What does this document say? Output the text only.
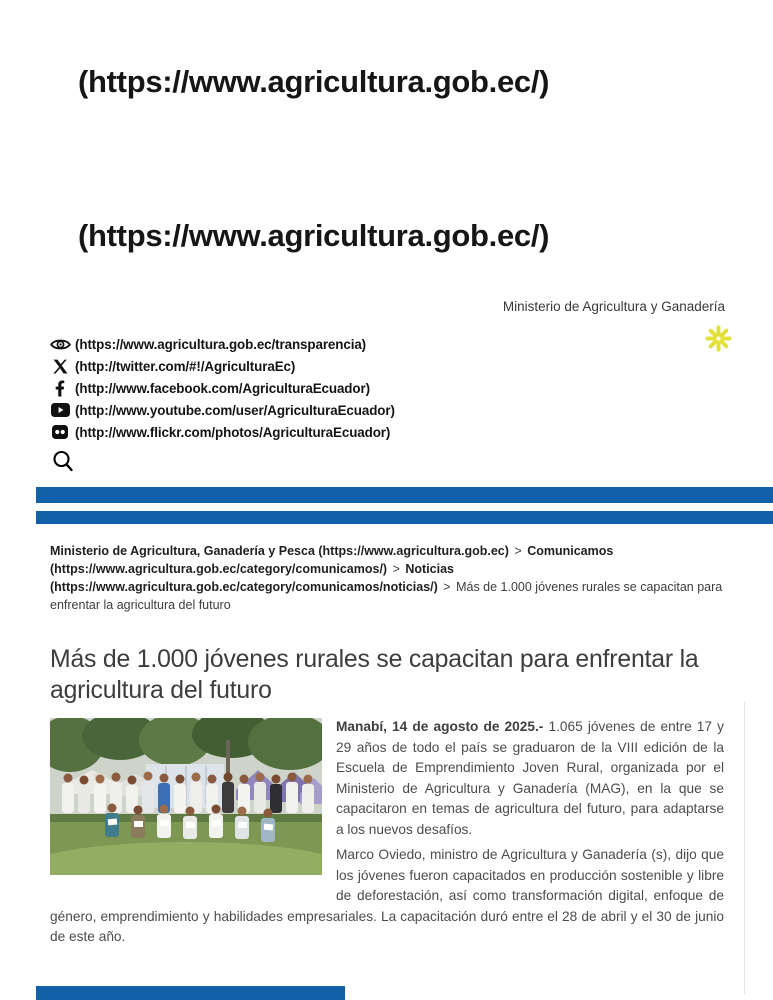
(https://www.agricultura.gob.ec/)
(https://www.agricultura.gob.ec/)
Ministerio de Agricultura y Ganadería
(https://www.agricultura.gob.ec/transparencia)
(http://twitter.com/#!/AgriculturaEc)
(http://www.facebook.com/AgriculturaEcuador)
(http://www.youtube.com/user/AgriculturaEcuador)
(http://www.flickr.com/photos/AgriculturaEcuador)
Ministerio de Agricultura, Ganadería y Pesca (https://www.agricultura.gob.ec) > Comunicamos (https://www.agricultura.gob.ec/category/comunicamos/) > Noticias (https://www.agricultura.gob.ec/category/comunicamos/noticias/) > Más de 1.000 jóvenes rurales se capacitan para enfrentar la agricultura del futuro
Más de 1.000 jóvenes rurales se capacitan para enfrentar la agricultura del futuro

Manabí, 14 de agosto de 2025.- 1.065 jóvenes de entre 17 y 29 años de todo el país se graduaron de la VIII edición de la Escuela de Emprendimiento Joven Rural, organizada por el Ministerio de Agricultura y Ganadería (MAG), en la que se capacitaron en temas de agricultura del futuro, para adaptarse a los nuevos desafíos.

Marco Oviedo, ministro de Agricultura y Ganadería (s), dijo que los jóvenes fueron capacitados en producción sostenible y libre de deforestación, así como transformación digital, enfoque de género, emprendimiento y habilidades empresariales. La capacitación duró entre el 28 de abril y el 30 de junio de este año.
